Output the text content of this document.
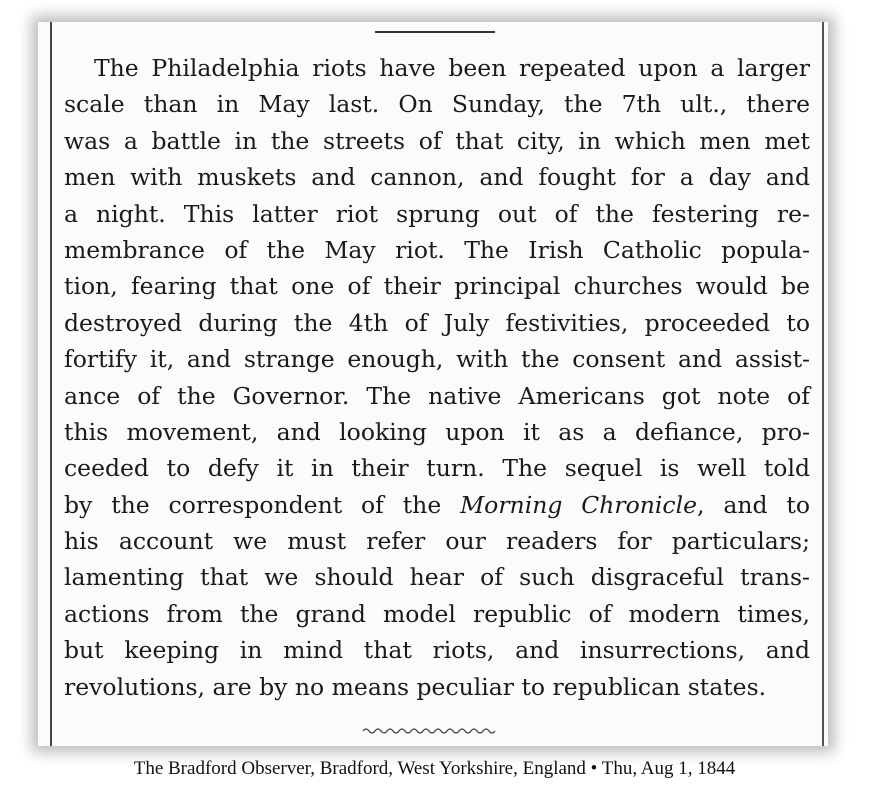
The Philadelphia riots have been repeated upon a larger
scale than in May last. On Sunday, the 7th ult., there
was a battle in the streets of that city, in which men met
men with muskets and cannon, and fought for a day and
a night. This latter riot sprung out of the festering re-
membrance of the May riot. The Irish Catholic popula-
tion, fearing that one of their principal churches would be
destroyed during the 4th of July festivities, proceeded to
fortify it, and strange enough, with the consent and assist-
ance of the Governor. The native Americans got note of
this movement, and looking upon it as a defiance, pro-
ceeded to defy it in their turn. The sequel is well told
by the correspondent of the Morning Chronicle, and to
his account we must refer our readers for particulars;
lamenting that we should hear of such disgraceful trans-
actions from the grand model republic of modern times,
but keeping in mind that riots, and insurrections, and
revolutions, are by no means peculiar to republican states.

The Bradford Observer, Bradford, West Yorkshire, England • Thu, Aug 1, 1844
